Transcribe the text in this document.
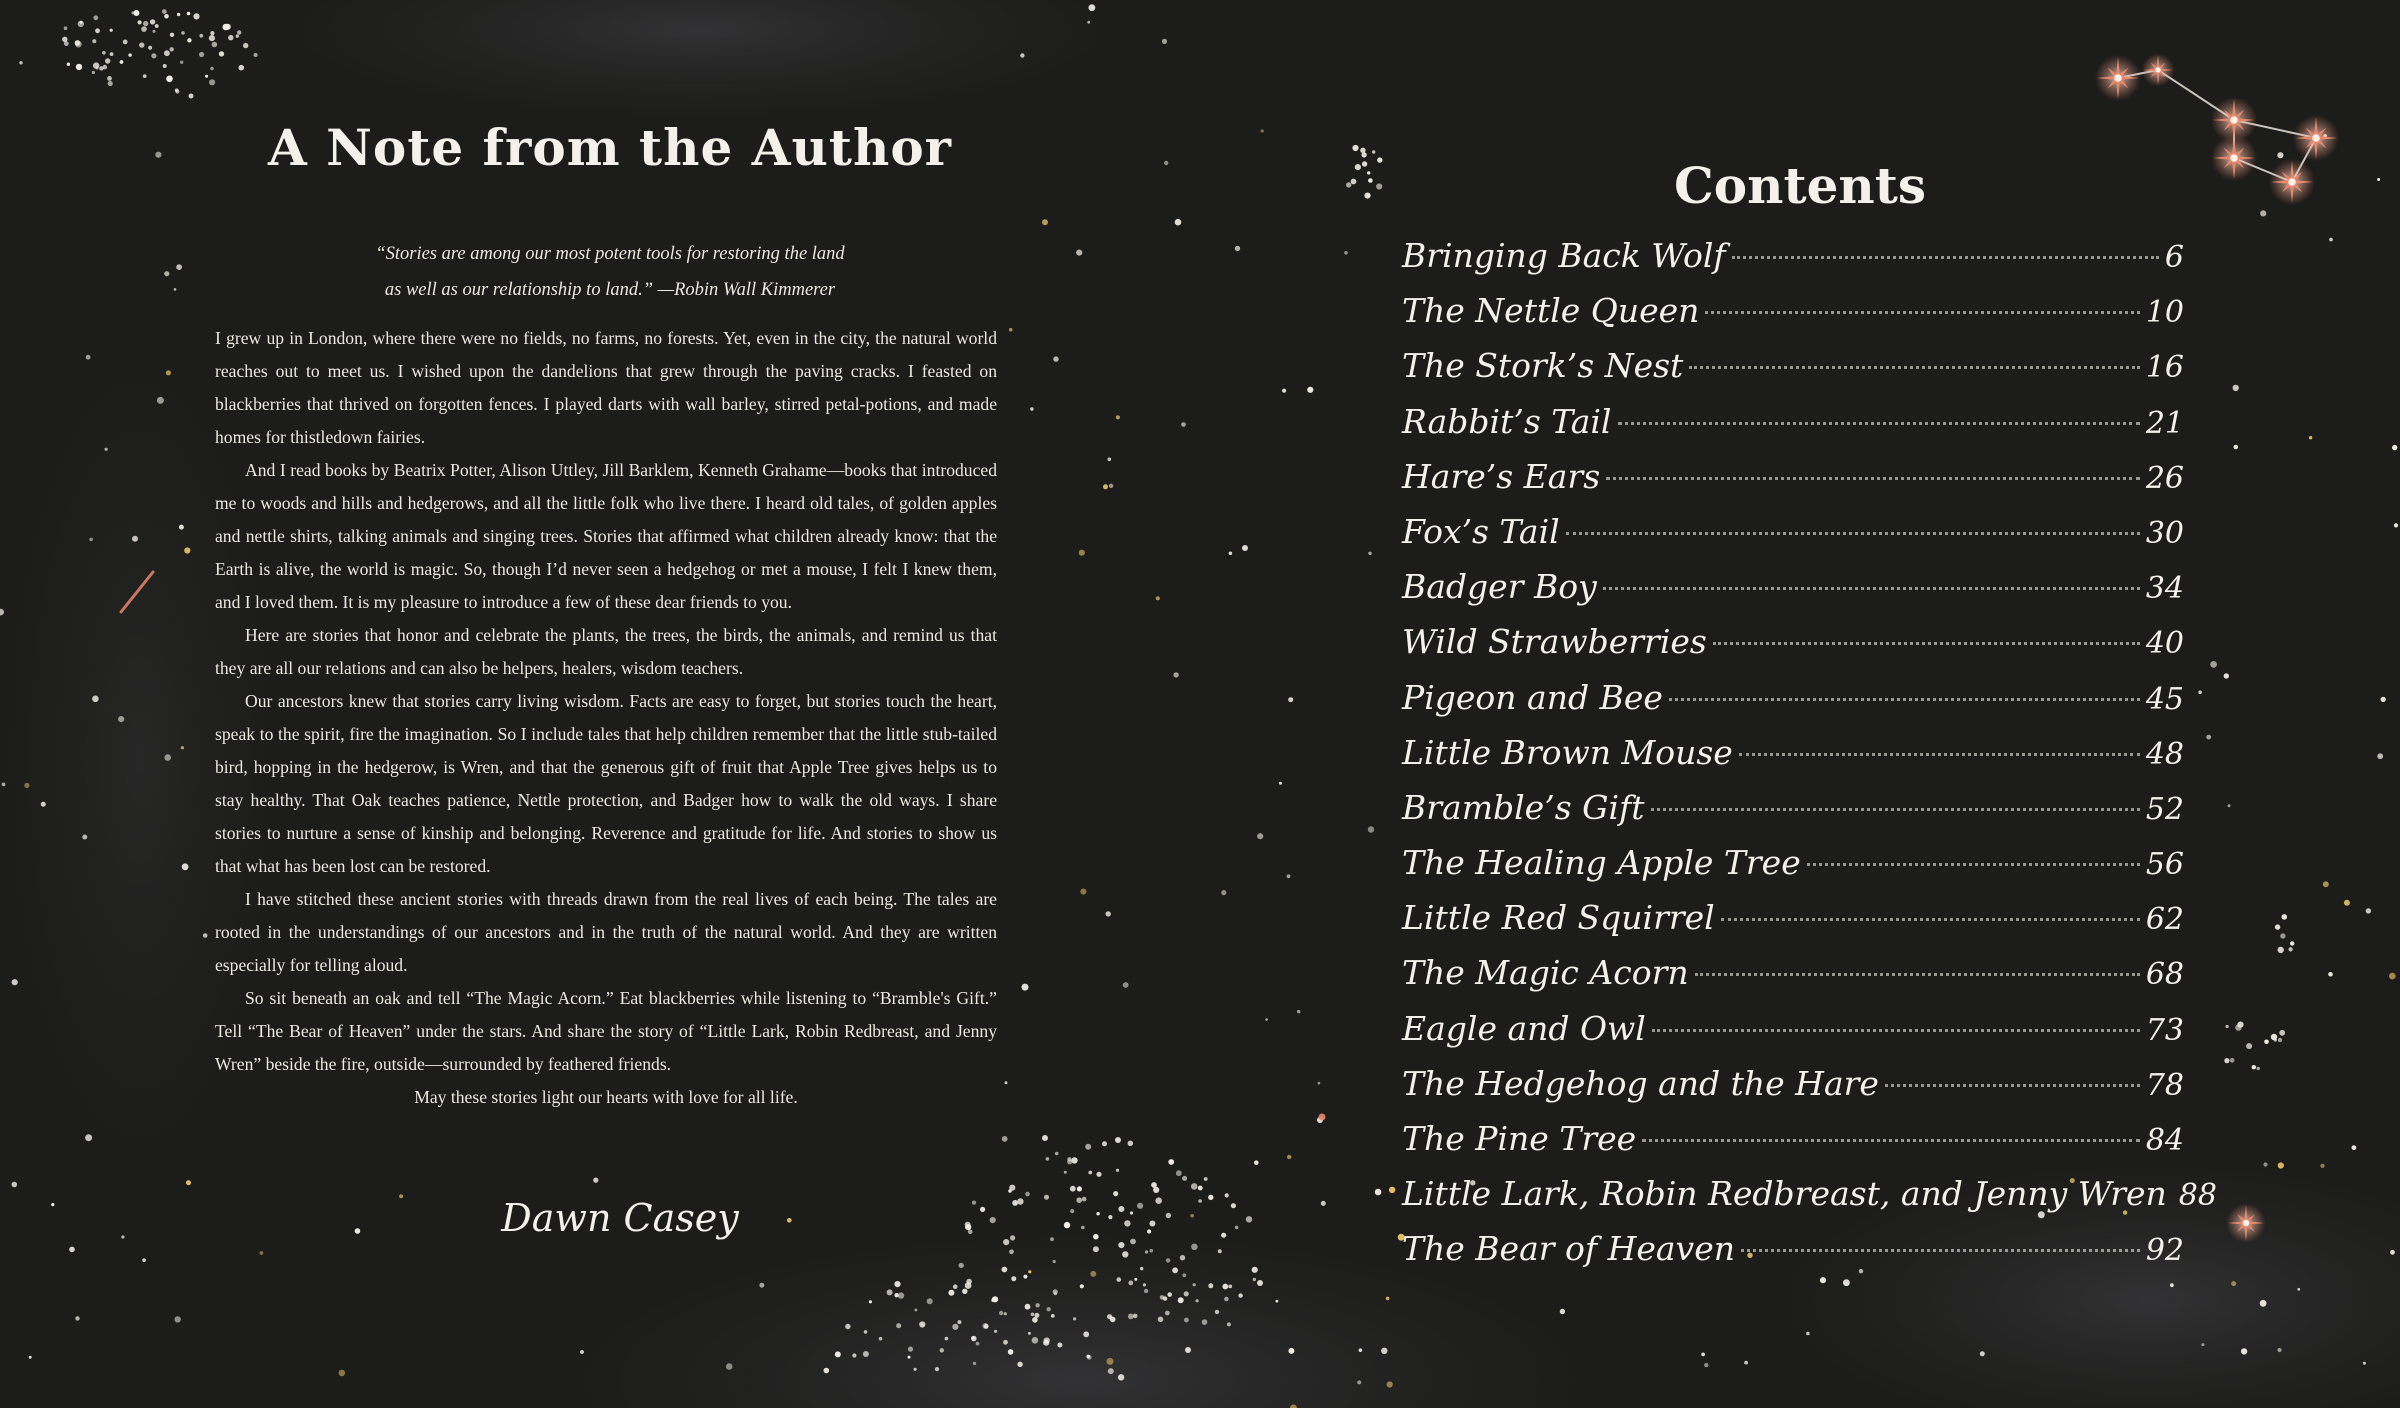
A Note from the Author
“Stories are among our most potent tools for restoring the land
as well as our relationship to land.” —Robin Wall Kimmerer

I grew up in London, where there were no fields, no farms, no forests. Yet, even in the city, the natural world reaches out to meet us. I wished upon the dandelions that grew through the paving cracks. I feasted on blackberries that thrived on forgotten fences. I played darts with wall barley, stirred petal-potions, and made homes for thistledown fairies.

And I read books by Beatrix Potter, Alison Uttley, Jill Barklem, Kenneth Grahame—books that introduced me to woods and hills and hedgerows, and all the little folk who live there. I heard old tales, of golden apples and nettle shirts, talking animals and singing trees. Stories that affirmed what children already know: that the Earth is alive, the world is magic. So, though I’d never seen a hedgehog or met a mouse, I felt I knew them, and I loved them. It is my pleasure to introduce a few of these dear friends to you.

Here are stories that honor and celebrate the plants, the trees, the birds, the animals, and remind us that they are all our relations and can also be helpers, healers, wisdom teachers.

Our ancestors knew that stories carry living wisdom. Facts are easy to forget, but stories touch the heart, speak to the spirit, fire the imagination. So I include tales that help children remember that the little stub-tailed bird, hopping in the hedgerow, is Wren, and that the generous gift of fruit that Apple Tree gives helps us to stay healthy. That Oak teaches patience, Nettle protection, and Badger how to walk the old ways. I share stories to nurture a sense of kinship and belonging. Reverence and gratitude for life. And stories to show us that what has been lost can be restored.

I have stitched these ancient stories with threads drawn from the real lives of each being. The tales are rooted in the understandings of our ancestors and in the truth of the natural world. And they are written especially for telling aloud.

So sit beneath an oak and tell “The Magic Acorn.” Eat blackberries while listening to “Bramble's Gift.” Tell “The Bear of Heaven” under the stars. And share the story of “Little Lark, Robin Redbreast, and Jenny Wren” beside the fire, outside—surrounded by feathered friends.

May these stories light our hearts with love for all life.

Dawn Casey
Contents
Bringing Back Wolf	6
The Nettle Queen	10
The Stork’s Nest	16
Rabbit’s Tail	21
Hare’s Ears	26
Fox’s Tail	30
Badger Boy	34
Wild Strawberries	40
Pigeon and Bee	45
Little Brown Mouse	48
Bramble’s Gift	52
The Healing Apple Tree	56
Little Red Squirrel	62
The Magic Acorn	68
Eagle and Owl	73
The Hedgehog and the Hare	78
The Pine Tree	84
Little Lark, Robin Redbreast, and Jenny Wren 88
The Bear of Heaven	92
